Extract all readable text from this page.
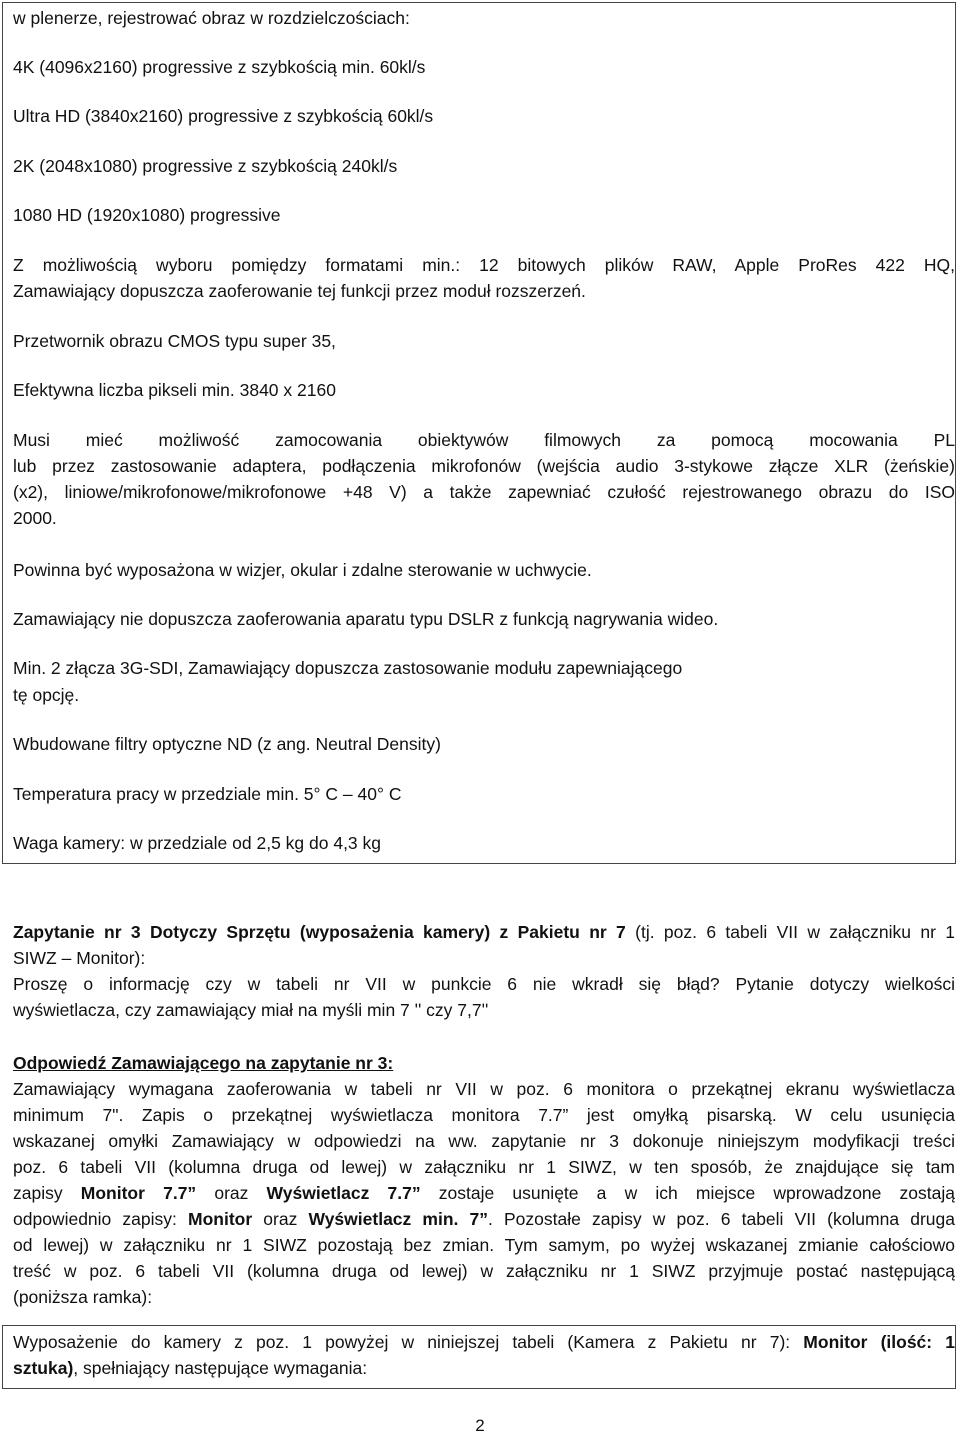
w plenerze, rejestrować obraz w rozdzielczościach:
4K (4096x2160) progressive z szybkością min. 60kl/s
Ultra HD (3840x2160) progressive z szybkością 60kl/s
2K (2048x1080) progressive z szybkością 240kl/s
1080 HD (1920x1080) progressive
Z możliwością wyboru pomiędzy formatami min.: 12 bitowych plików RAW, Apple ProRes 422 HQ,
Zamawiający dopuszcza zaoferowanie tej funkcji przez moduł rozszerzeń.
Przetwornik obrazu CMOS typu super 35,
Efektywna liczba pikseli min. 3840 x 2160
Musi mieć możliwość zamocowania obiektywów filmowych za pomocą mocowania PL
lub przez zastosowanie adaptera, podłączenia mikrofonów (wejścia audio 3-stykowe złącze XLR (żeńskie)
(x2), liniowe/mikrofonowe/mikrofonowe +48 V) a także zapewniać czułość rejestrowanego obrazu do ISO
2000.
Powinna być wyposażona w wizjer, okular i zdalne sterowanie w uchwycie.
Zamawiający nie dopuszcza zaoferowania aparatu typu DSLR z funkcją nagrywania wideo.
Min. 2 złącza 3G-SDI, Zamawiający dopuszcza zastosowanie modułu zapewniającego
tę opcję.
Wbudowane filtry optyczne ND (z ang. Neutral Density)
Temperatura pracy w przedziale min. 5° C – 40° C
Waga kamery: w przedziale od 2,5 kg do 4,3 kg
Zapytanie nr 3 Dotyczy Sprzętu (wyposażenia kamery) z Pakietu nr 7 (tj. poz. 6 tabeli VII w załączniku nr 1
SIWZ – Monitor):
Proszę o informację czy w tabeli nr VII w punkcie 6 nie wkradł się błąd? Pytanie dotyczy wielkości
wyświetlacza, czy zamawiający miał na myśli min 7 ʹʹ czy 7,7ʹʹ
Odpowiedź Zamawiającego na zapytanie nr 3:
Zamawiający wymagana zaoferowania w tabeli nr VII w poz. 6 monitora o przekątnej ekranu wyświetlacza
minimum 7". Zapis o przekątnej wyświetlacza monitora 7.7” jest omyłką pisarską. W celu usunięcia
wskazanej omyłki Zamawiający w odpowiedzi na ww. zapytanie nr 3 dokonuje niniejszym modyfikacji treści
poz. 6 tabeli VII (kolumna druga od lewej) w załączniku nr 1 SIWZ, w ten sposób, że znajdujące się tam
zapisy Monitor 7.7” oraz Wyświetlacz 7.7” zostaje usunięte a w ich miejsce wprowadzone zostają
odpowiednio zapisy: Monitor oraz Wyświetlacz min. 7”. Pozostałe zapisy w poz. 6 tabeli VII (kolumna druga
od lewej) w załączniku nr 1 SIWZ pozostają bez zmian. Tym samym, po wyżej wskazanej zmianie całościowo
treść w poz. 6 tabeli VII (kolumna druga od lewej) w załączniku nr 1 SIWZ przyjmuje postać następującą
(poniższa ramka):
Wyposażenie do kamery z poz. 1 powyżej w niniejszej tabeli (Kamera z Pakietu nr 7): Monitor (ilość: 1
sztuka), spełniający następujące wymagania:
2
